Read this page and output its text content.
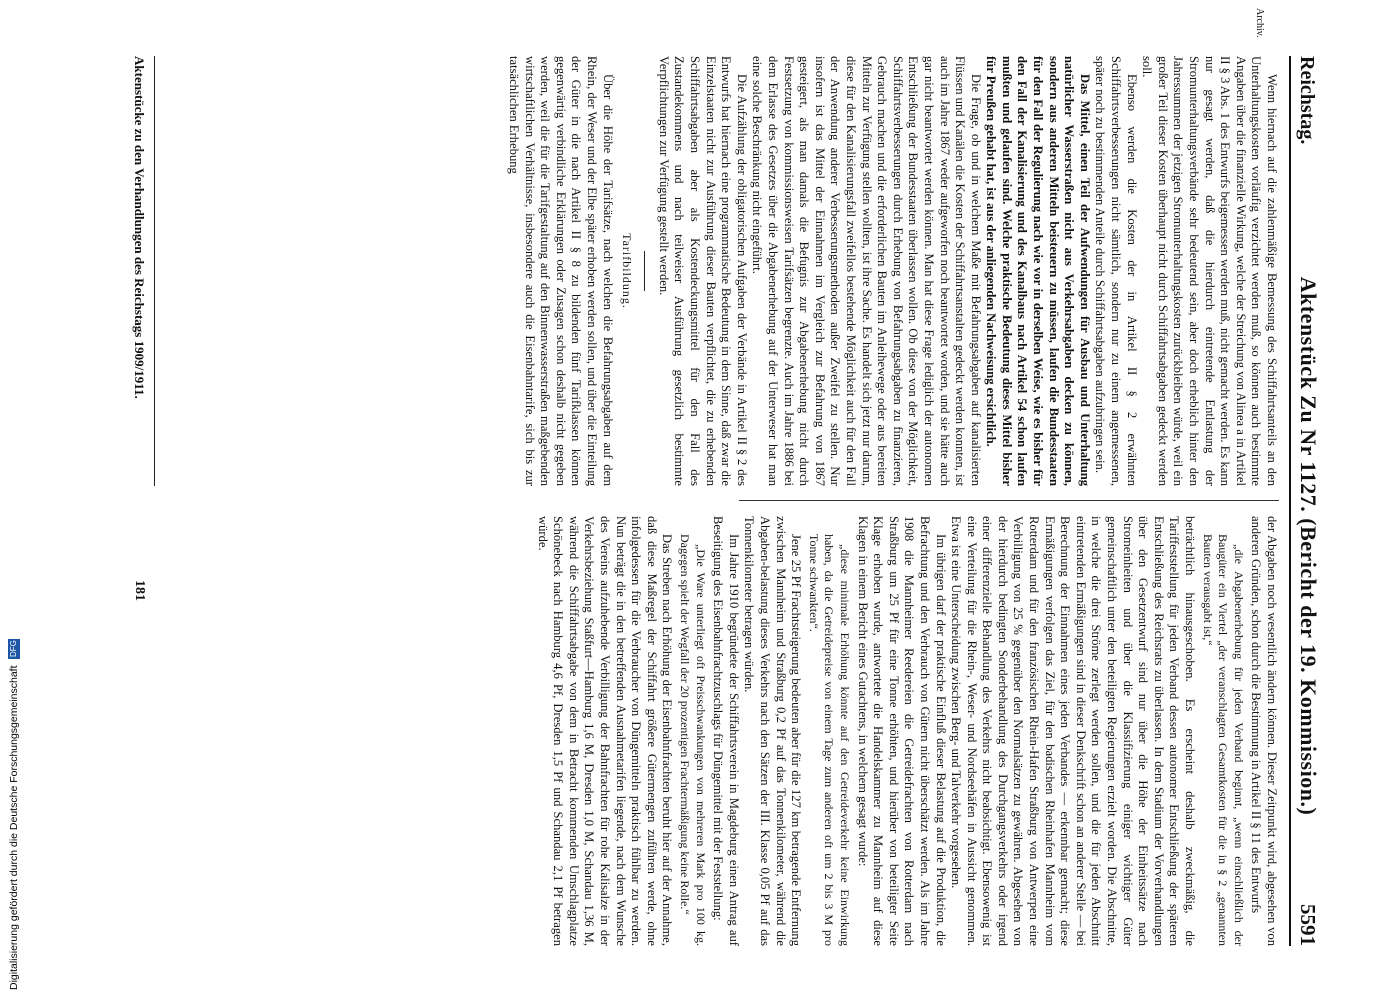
Archiv.
Reichstag.
Aktenstück Zu Nr 1127. (Bericht der 19. Kommission.)
5591

Wenn hiernach auf die zahlenmäßige Bemessung des Schiffahrtsanteils an den Unterhaltungskosten vorläufig verzichtet werden muß, so können auch bestimmte Angaben über die finanzielle Wirkung, welche der Streichung von Alinea a in Artikel II § 3 Abs. 1 des Entwurfs beigemessen werden muß, nicht gemacht werden. Es kann nur gesagt werden, daß die hierdurch eintretende Entlastung der Stromunterhaltungsverbände sehr bedeutend sein, aber doch erheblich hinter den Jahressummen der jetzigen Stromunterhaltungskosten zurückbleiben würde, weil ein großer Teil dieser Kosten überhaupt nicht durch Schiffahrtsabgaben gedeckt werden soll.

Ebenso werden die Kosten der in Artikel II § 2 erwähnten Schiffahrtsverbesserungen nicht sämtlich, sondern nur zu einem angemessenen, später noch zu bestimmenden Anteile durch Schiffahrtsabgaben aufzubringen sein.

Das Mittel, einen Teil der Aufwendungen für Ausbau und Unterhaltung natürlicher Wasserstraßen nicht aus Verkehrsabgaben decken zu können, sondern aus anderen Mitteln beisteuern zu müssen, laufen die Bundesstaaten für den Fall der Regulierung nach wie vor in derselben Weise, wie es bisher für den Fall der Kanalisierung und des Kanalbaus nach Artikel 54 schon laufen mußten und gelaufen sind. Welche praktische Bedeutung dieses Mittel bisher für Preußen gehabt hat, ist aus der anliegenden Nachweisung ersichtlich.

Die Frage, ob und in welchem Maße mit Befahrungsabgaben auf kanalisierten Flüssen und Kanälen die Kosten der Schiffahrtsanstalten gedeckt werden konnten, ist auch im Jahre 1867 weder aufgeworfen noch beantwortet worden, und sie hätte auch gar nicht beantwortet werden können. Man hat diese Frage lediglich der autonomen Entschließung der Bundesstaaten überlassen wollen. Ob diese von der Möglichkeit, Schiffahrtsverbesserungen durch Erhebung von Befahrungsabgaben zu finanzieren, Gebrauch machen und die erforderlichen Bauten im Anleihewege oder aus bereiten Mitteln zur Verfügung stellen wollten, ist ihre Sache. Es handelt sich jetzt nur darum, diese für den Kanalisierungsfall zweifellos bestehende Möglichkeit auch für den Fall der Anwendung anderer Verbesserungsmethoden außer Zweifel zu stellen. Nur insofern ist das Mittel der Einnahmen im Vergleich zur Befahrung von 1867 gesteigert, als man damals die Befugnis zur Abgabenerhebung nicht durch Festsetzung von kommissionsweisen Tarifsätzen begrenzte. Auch im Jahre 1886 bei dem Erlasse des Gesetzes über die Abgabenerhebung auf der Unterweser hat man eine solche Beschränkung nicht eingeführt.

Die Aufzählung der obligatorischen Aufgaben der Verbände in Artikel II § 2 des Entwurfs hat hiernach eine programmatische Bedeutung in dem Sinne, daß zwar die Einzelstaaten nicht zur Ausführung dieser Bauten verpflichtet, die zu erhebenden Schiffahrtsabgaben aber als Kostendeckungsmittel für den Fall des Zustandekommens und nach teilweiser Ausführung gesetzlich bestimmte Verpflichtungen zur Verfügung gestellt werden.

Tarifbildung.

Über die Höhe der Tarifsätze, nach welchen die Befahrungsabgaben auf dem Rhein, der Weser und der Elbe später erhoben werden sollen, und über die Einteilung der Güter in die nach Artikel II § 8 zu bildenden fünf Tarifklassen können gegenwärtig verbindliche Erklärungen oder Zusagen schon deshalb nicht gegeben werden, weil die für die Tarifgestaltung auf den Binnenwasserstraßen maßgebenden wirtschaftlichen Verhältnisse, insbesondere auch die Eisenbahntarife, sich bis zur tatsächlichen Erhebung

der Abgaben noch wesentlich ändern können. Dieser Zeitpunkt wird, abgesehen von anderen Gründen, schon durch die Bestimmung in Artikel II § 11 des Entwurfs

„die Abgabenerhebung für jeden Verband beginnt, „wenn einschließlich der Baugüter ein Viertel „der veranschlagten Gesamtkosten für die in § 2 „genannten Bauten verausgabt ist,“

beträchtlich hinausgeschoben. Es erscheint deshalb zweckmäßig, die Tariffeststellung für jeden Verband dessen autonomer Entschließung der späteren Entschließung des Reichsrats zu überlassen. In dem Stadium der Vorverhandlungen über den Gesetzentwurf sind nur über die Höhe der Einheitssätze nach Stromeinheiten und über die Klassifizierung einiger wichtiger Güter gemeinschaftlich unter den beteiligten Regierungen erzielt worden. Die Abschnitte, in welche die drei Ströme zerlegt werden sollen, und die für jeden Abschnitt eintretenden Ermäßigungen sind in dieser Denkschrift schon an anderer Stelle — bei Berechnung der Einnahmen eines jeden Verbandes — erkennbar gemacht; diese Ermäßigungen verfolgen das Ziel, für den badischen Rheinhafen Mannheim vom Rotterdam und für den französischen Rhein-Hafen Straßburg von Antwerpen eine Verbilligung von 25 % gegenüber den Normalsätzen zu gewähren. Abgesehen von der hierdurch bedingten Sonderbehandlung des Durchgangsverkehrs oder irgend einer differenzielle Behandlung des Verkehrs nicht beabsichtigt. Ebensowenig ist eine Verteilung für die Rhein-, Weser- und Nordseehäfen in Aussicht genommen. Etwa ist eine Unterscheidung zwischen Berg- und Talverkehr vorgesehen.

Im übrigen darf der praktische Einfluß dieser Belastung auf die Produktion, die Befrachtung und den Verbrauch von Gütern nicht überschätzt werden. Als im Jahre 1908 die Mannheimer Reedereien die Getreidefrachten von Rotterdam nach Straßburg um 25 Pf für eine Tonne erhöhten, und hierüber von beteiligter Seite Klage erhoben wurde, antwortete die Handelskammer zu Mannheim auf diese Klagen in einem Bericht eines Gutachtens, in welchem gesagt wurde:

„diese minimale Erhöhung könnte auf den Getreideverkehr keine Einwirkung haben, da die Getreidepreise von einem Tage zum anderen oft um 2 bis 3 M pro Tonne schwankten“.

Jene 25 Pf Frachtsteigerung bedeuten aber für die 127 km betragende Entfernung zwischen Mannheim und Straßburg 0,2 Pf auf das Tonnenkilometer, während die Abgaben-belastung dieses Verkehrs nach den Sätzen der III. Klasse 0,05 Pf auf das Tonnenkilometer betragen würden.

Im Jahre 1910 begründete der Schiffahrtsverein in Magdeburg einen Antrag auf Beseitigung des Eisenbahnfrachtzuschlags für Düngemittel mit der Feststellung:

„Die Ware unterliegt oft Preisschwankungen von mehreren Mark pro 100 kg. Dagegen spielt der Wegfall der 20 prozentigen Frachtermäßigung keine Rolle.“

Das Streben nach Erhöhung der Eisenbahnfrachten beruht hier auf der Annahme, daß diese Maßregel der Schiffahrt größere Gütermengen zuführen werde, ohne infolgedessen für die Verbraucher von Düngemitteln praktisch fühlbar zu werden. Nun beträgt die in den betreffenden Ausnahmetarifen liegende, nach dem Wunsche des Vereins aufzuhebende Verbilligung der Bahnfrachten für rohe Kalisalze in der Verkehrsbeziehung Staßfurt—Hamburg 1,6 M, Dresden 1,0 M, Schandau 1,36 M, während die Schiffahrtsabgabe von dem in Betracht kommenden Umschlagplatze Schönebeck nach Hamburg 4,6 Pf, Dresden 1,5 Pf und Schandau 2,1 Pf betragen würde.

Aktenstücke zu den Verhandlungen des Reichstags 1909/1911.
181
Digitalisierung gefördert durch die Deutsche Forschungsgemeinschaft DFG
